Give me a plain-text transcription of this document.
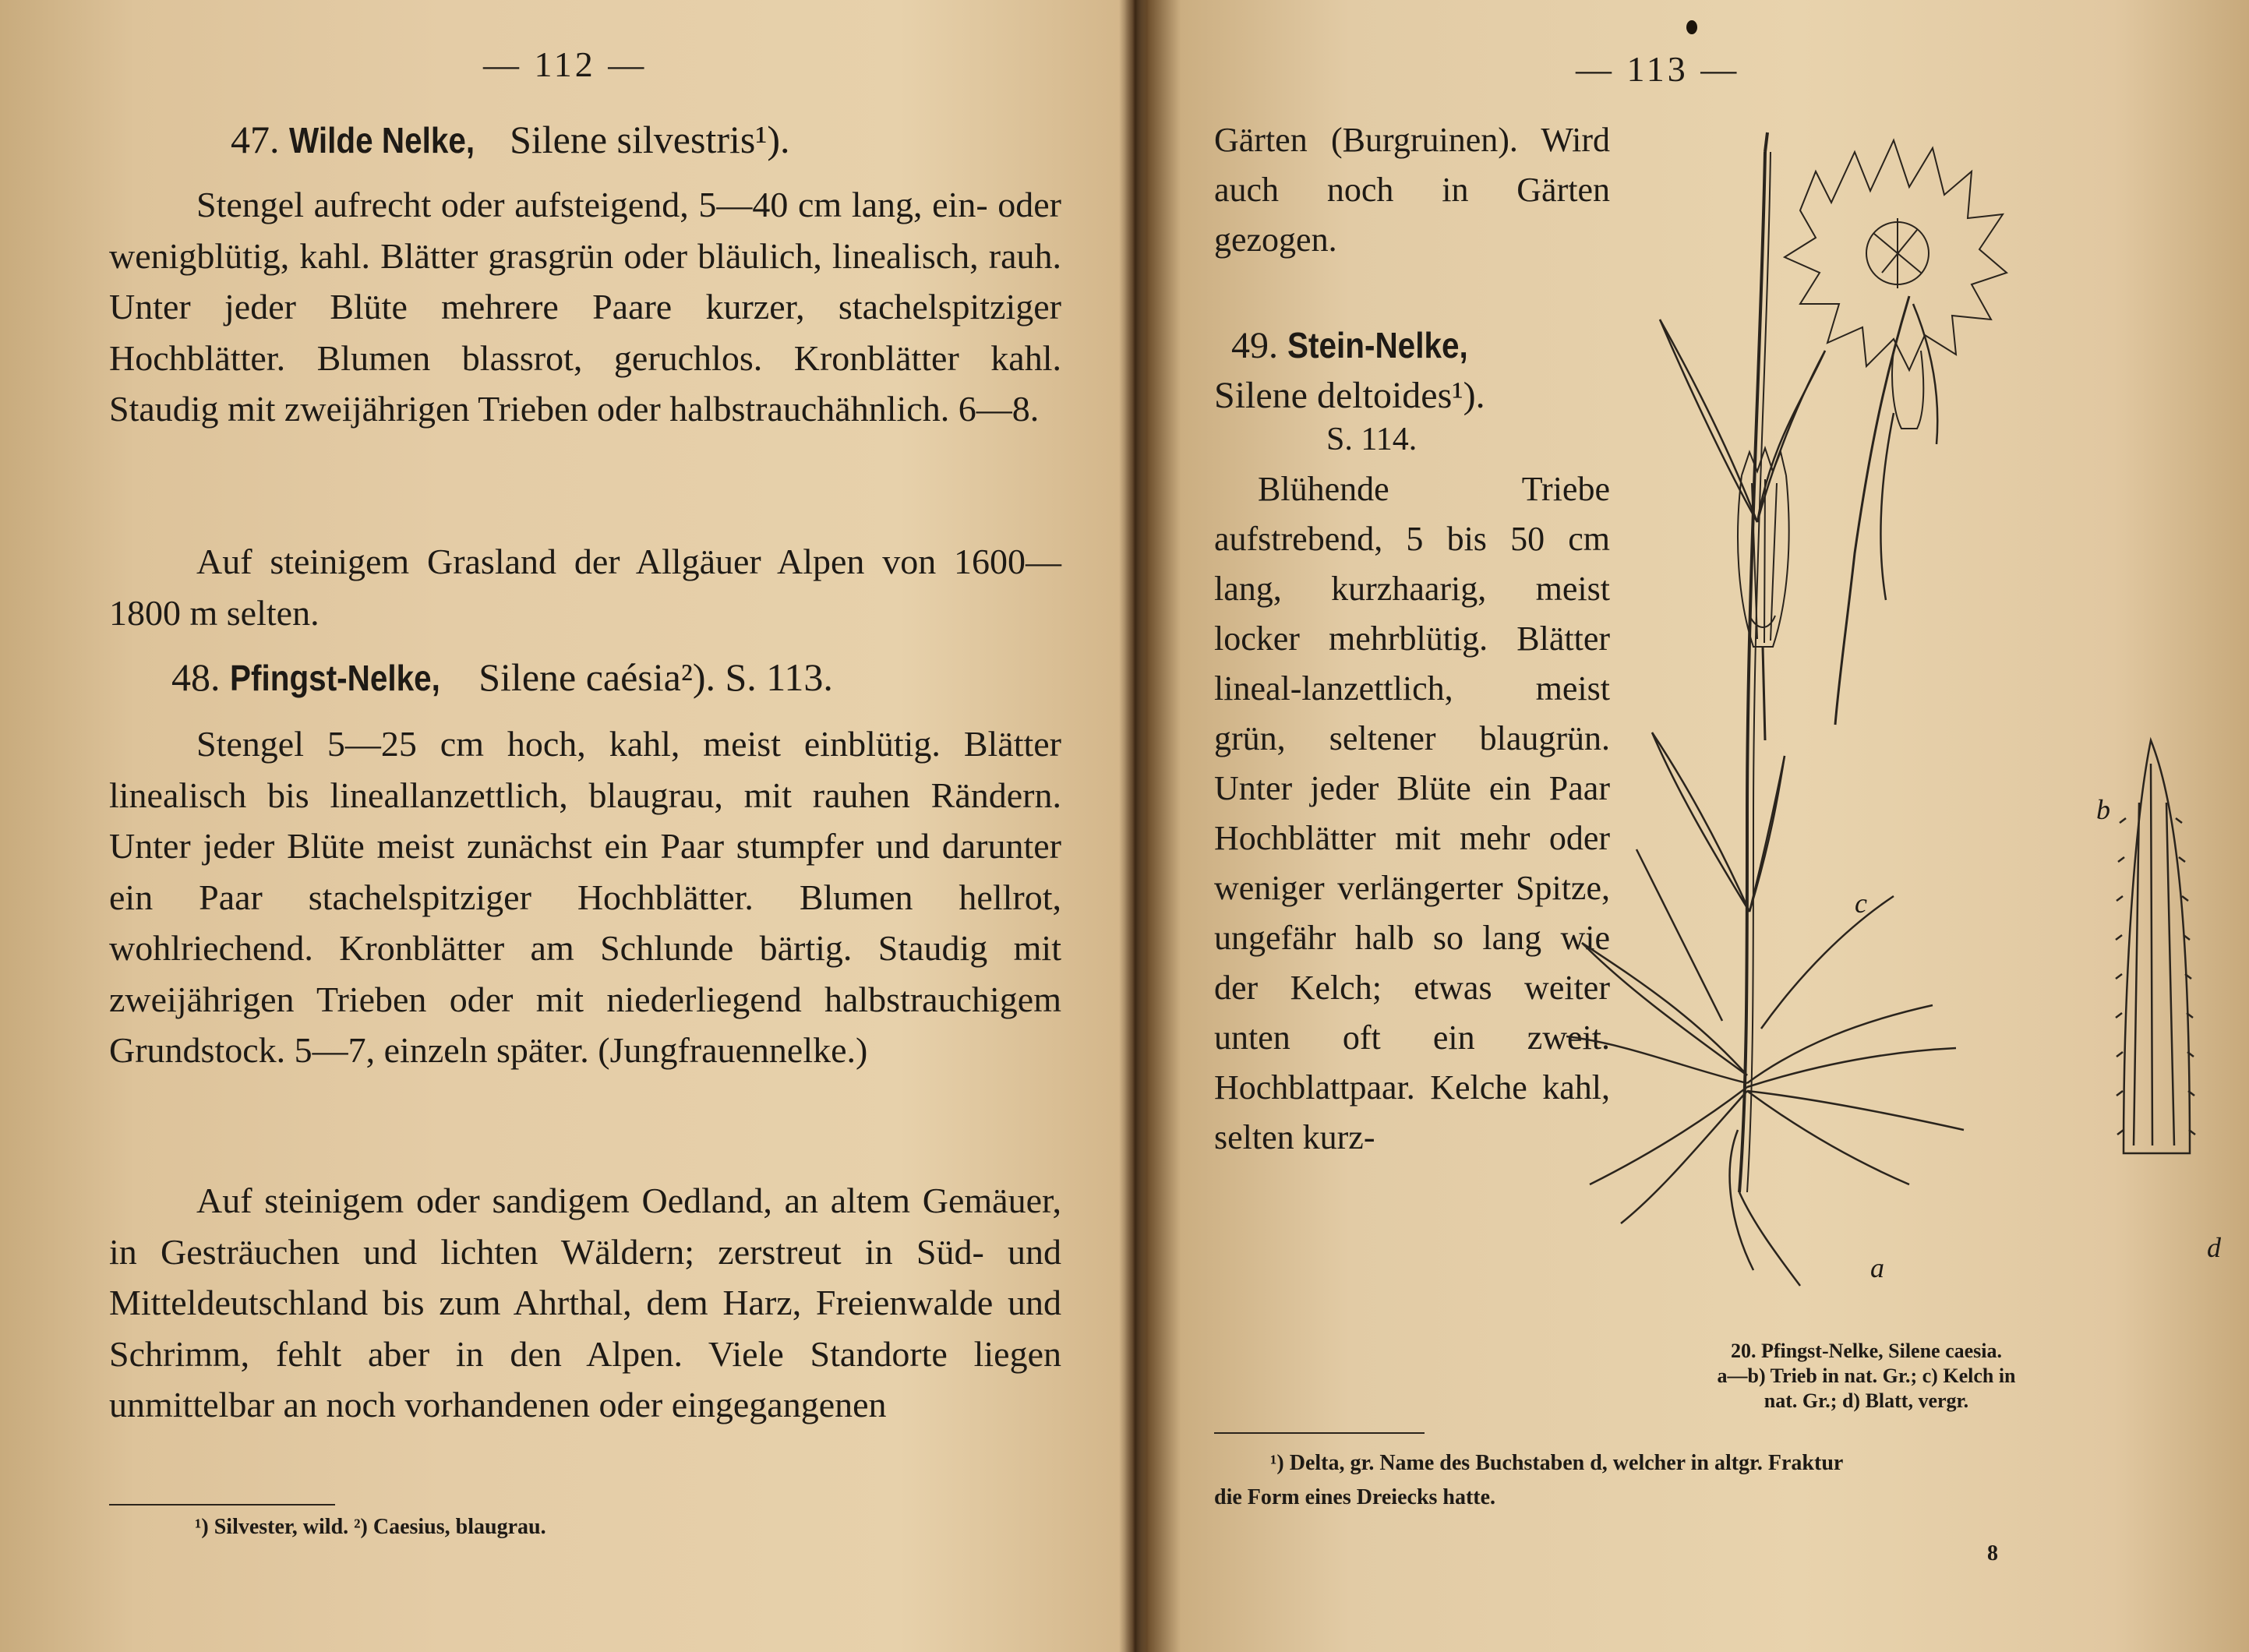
— 112 —
47. Wilde Nelke, Silene silvestris¹).

Stengel aufrecht oder aufsteigend, 5—40 cm lang, ein- oder wenigblütig, kahl. Blätter grasgrün oder bläulich, linealisch, rauh. Unter jeder Blüte mehrere Paare kurzer, stachelspitziger Hochblätter. Blumen blassrot, geruchlos. Kronblätter kahl. Staudig mit zweijährigen Trieben oder halbstrauchähnlich. 6—8.

Auf steinigem Grasland der Allgäuer Alpen von 1600—1800 m selten.

48. Pfingst-Nelke, Silene caésia²). S. 113.

Stengel 5—25 cm hoch, kahl, meist einblütig. Blätter linealisch bis lineallanzettlich, blaugrau, mit rauhen Rändern. Unter jeder Blüte meist zunächst ein Paar stumpfer und darunter ein Paar stachelspitziger Hochblätter. Blumen hellrot, wohlriechend. Kronblätter am Schlunde bärtig. Staudig mit zweijährigen Trieben oder mit niederliegend halbstrauchigem Grundstock. 5—7, einzeln später. (Jungfrauennelke.)

Auf steinigem oder sandigem Oedland, an altem Gemäuer, in Gesträuchen und lichten Wäldern; zerstreut in Süd- und Mitteldeutschland bis zum Ahrthal, dem Harz, Freienwalde und Schrimm, fehlt aber in den Alpen. Viele Standorte liegen unmittelbar an noch vorhandenen oder eingegangenen

¹) Silvester, wild. ²) Caesius, blaugrau.
— 113 —

Gärten (Burgruinen). Wird auch noch in Gärten gezogen.

49. Stein-Nelke,
Silene deltoides¹).
S. 114.

Blühende Triebe aufstrebend, 5 bis 50 cm lang, kurzhaarig, meist locker mehrblütig. Blätter lineal-lanzettlich, meist grün, seltener blaugrün. Unter jeder Blüte ein Paar Hochblätter mit mehr oder weniger verlängerter Spitze, ungefähr halb so lang wie der Kelch; etwas weiter unten oft ein zweit. Hochblattpaar. Kelche kahl, selten kurz-

b
c
a
d
20. Pfingst-Nelke, Silene caesia.
a—b) Trieb in nat. Gr.; c) Kelch in
nat. Gr.; d) Blatt, vergr.
¹) Delta, gr. Name des Buchstaben d, welcher in altgr. Fraktur
die Form eines Dreiecks hatte.
8
